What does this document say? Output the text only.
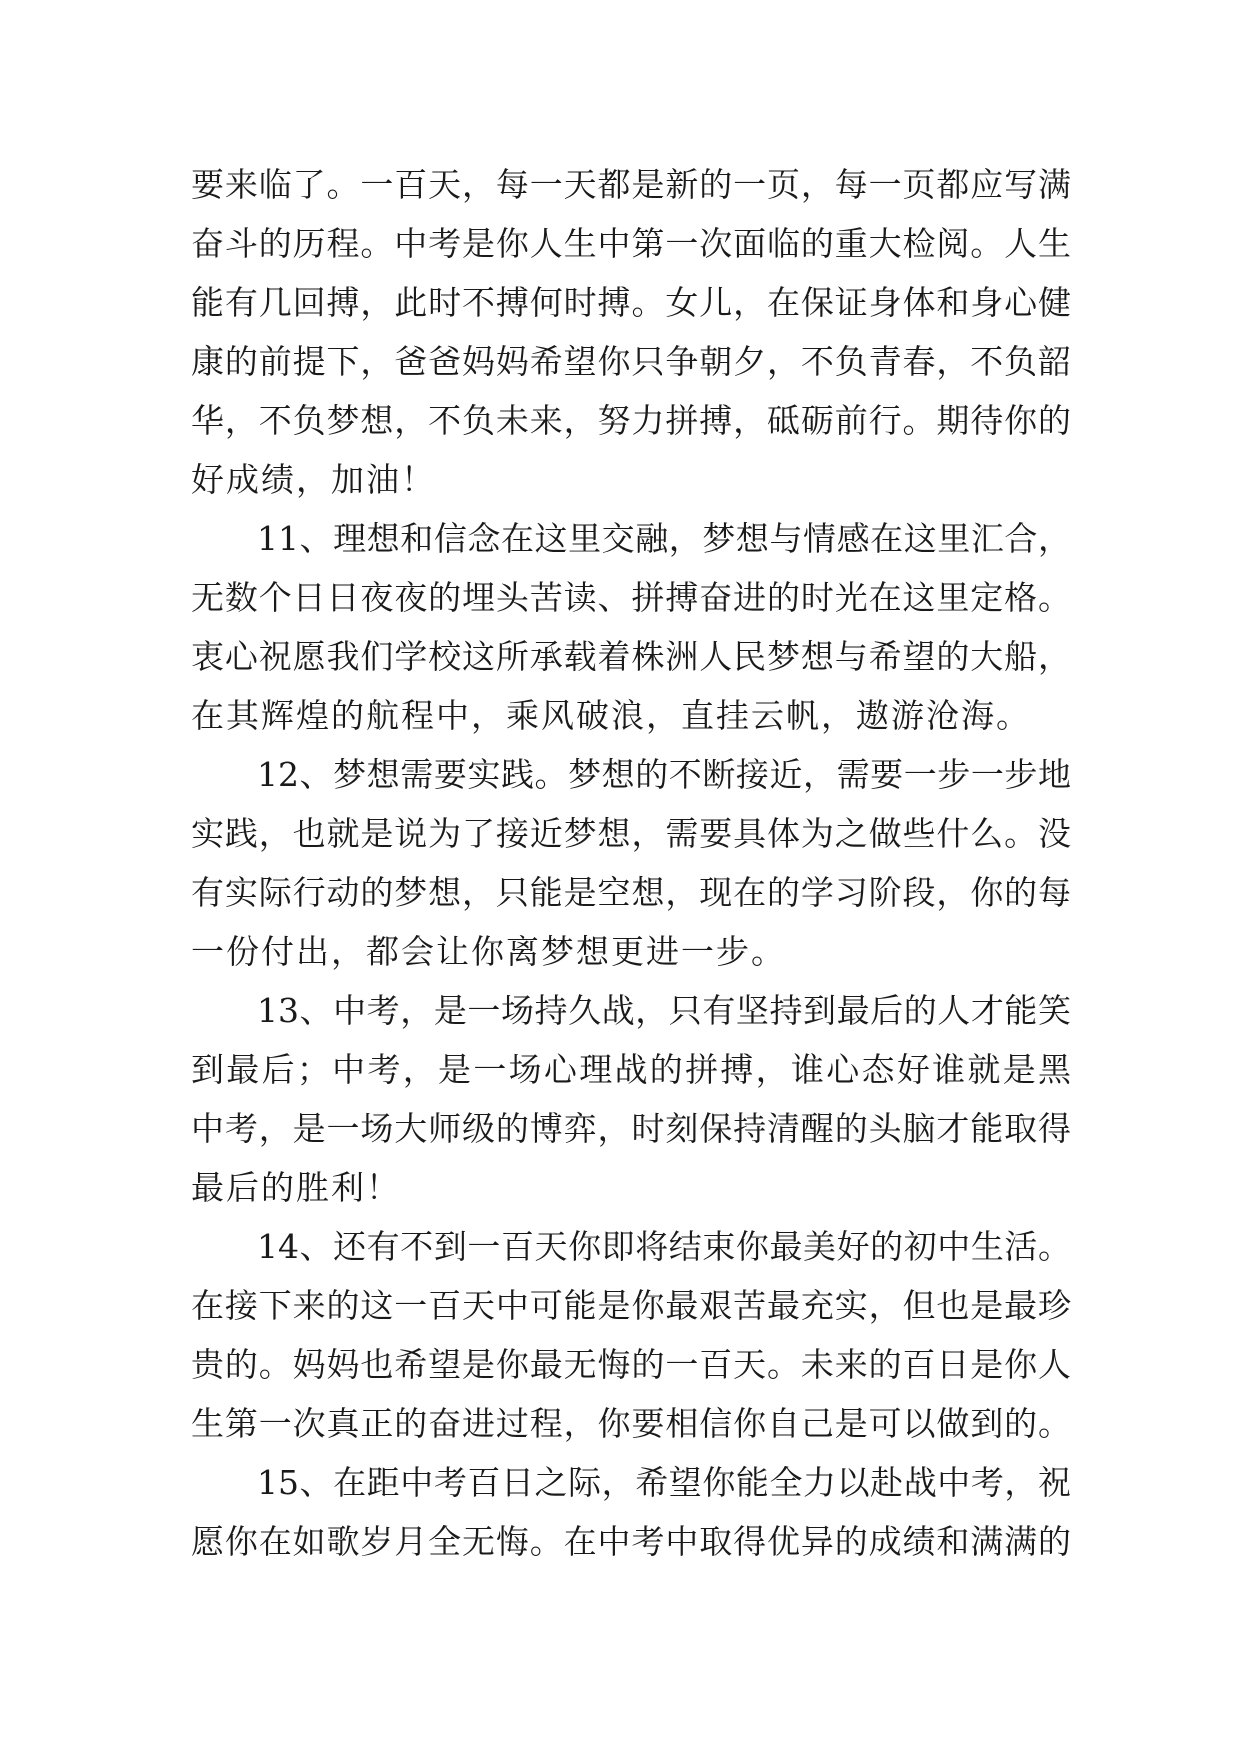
要来临了。一百天，每一天都是新的一页，每一页都应写满
奋斗的历程。中考是你人生中第一次面临的重大检阅。人生
能有几回搏，此时不搏何时搏。女儿，在保证身体和身心健
康的前提下，爸爸妈妈希望你只争朝夕，不负青春，不负韶
华，不负梦想，不负未来，努力拼搏，砥砺前行。期待你的
好成绩，加油！
11、理想和信念在这里交融，梦想与情感在这里汇合，
无数个日日夜夜的埋头苦读、拼搏奋进的时光在这里定格。
衷心祝愿我们学校这所承载着株洲人民梦想与希望的大船，
在其辉煌的航程中，乘风破浪，直挂云帆，遨游沧海。
12、梦想需要实践。梦想的不断接近，需要一步一步地
实践，也就是说为了接近梦想，需要具体为之做些什么。没
有实际行动的梦想，只能是空想，现在的学习阶段，你的每
一份付出，都会让你离梦想更进一步。
13、中考，是一场持久战，只有坚持到最后的人才能笑
到最后；中考，是一场心理战的拼搏，谁心态好谁就是黑
中考，是一场大师级的博弈，时刻保持清醒的头脑才能取得
最后的胜利！
14、还有不到一百天你即将结束你最美好的初中生活。
在接下来的这一百天中可能是你最艰苦最充实，但也是最珍
贵的。妈妈也希望是你最无悔的一百天。未来的百日是你人
生第一次真正的奋进过程，你要相信你自己是可以做到的。
15、在距中考百日之际，希望你能全力以赴战中考，祝
愿你在如歌岁月全无悔。在中考中取得优异的成绩和满满的
